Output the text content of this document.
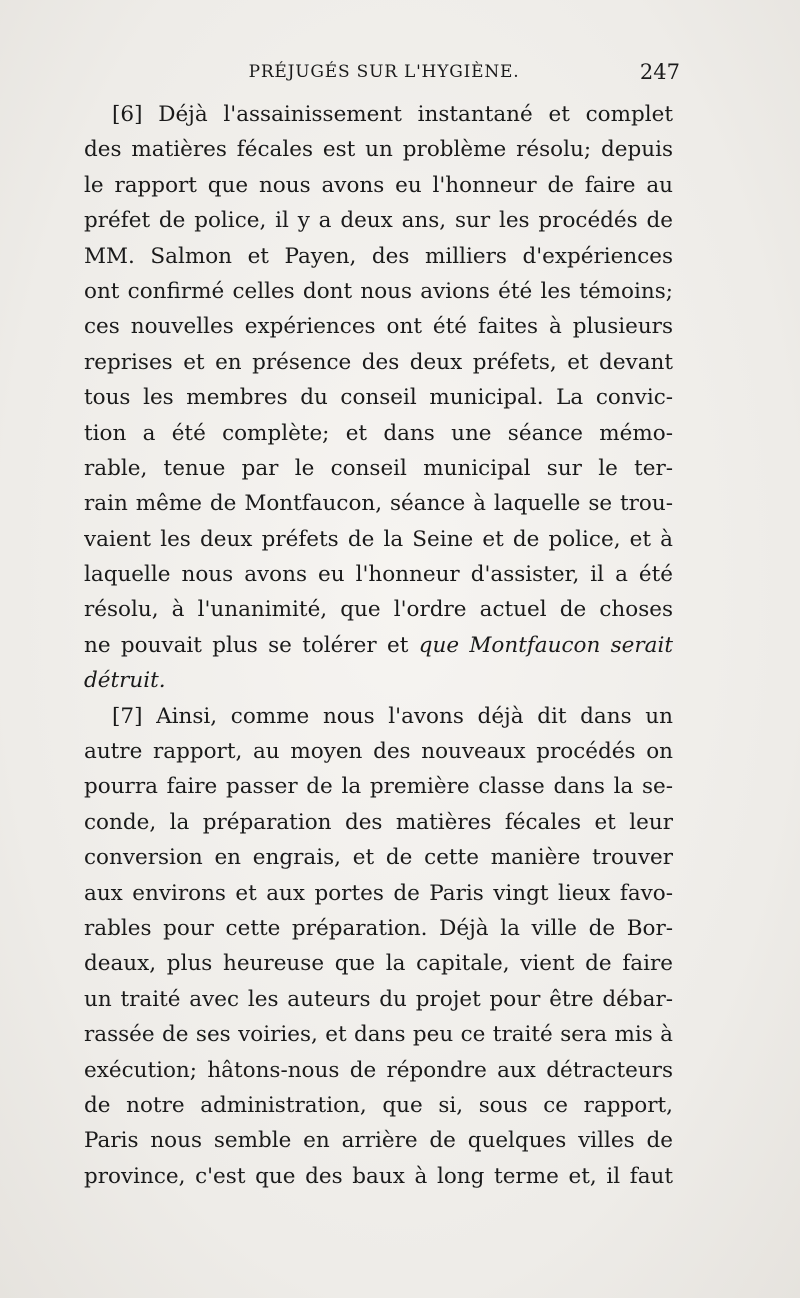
PRÉJUGÉS SUR L'HYGIÈNE.	247
[6] Déjà l'assainissement instantané et complet
des matières fécales est un problème résolu; depuis
le rapport que nous avons eu l'honneur de faire au
préfet de police, il y a deux ans, sur les procédés de
MM. Salmon et Payen, des milliers d'expériences
ont confirmé celles dont nous avions été les témoins;
ces nouvelles expériences ont été faites à plusieurs
reprises et en présence des deux préfets, et devant
tous les membres du conseil municipal. La convic-
tion a été complète; et dans une séance mémo-
rable, tenue par le conseil municipal sur le ter-
rain même de Montfaucon, séance à laquelle se trou-
vaient les deux préfets de la Seine et de police, et à
laquelle nous avons eu l'honneur d'assister, il a été
résolu, à l'unanimité, que l'ordre actuel de choses
ne pouvait plus se tolérer et que Montfaucon serait
détruit.
[7] Ainsi, comme nous l'avons déjà dit dans un
autre rapport, au moyen des nouveaux procédés on
pourra faire passer de la première classe dans la se-
conde, la préparation des matières fécales et leur
conversion en engrais, et de cette manière trouver
aux environs et aux portes de Paris vingt lieux favo-
rables pour cette préparation. Déjà la ville de Bor-
deaux, plus heureuse que la capitale, vient de faire
un traité avec les auteurs du projet pour être débar-
rassée de ses voiries, et dans peu ce traité sera mis à
exécution; hâtons-nous de répondre aux détracteurs
de notre administration, que si, sous ce rapport,
Paris nous semble en arrière de quelques villes de
province, c'est que des baux à long terme et, il faut
